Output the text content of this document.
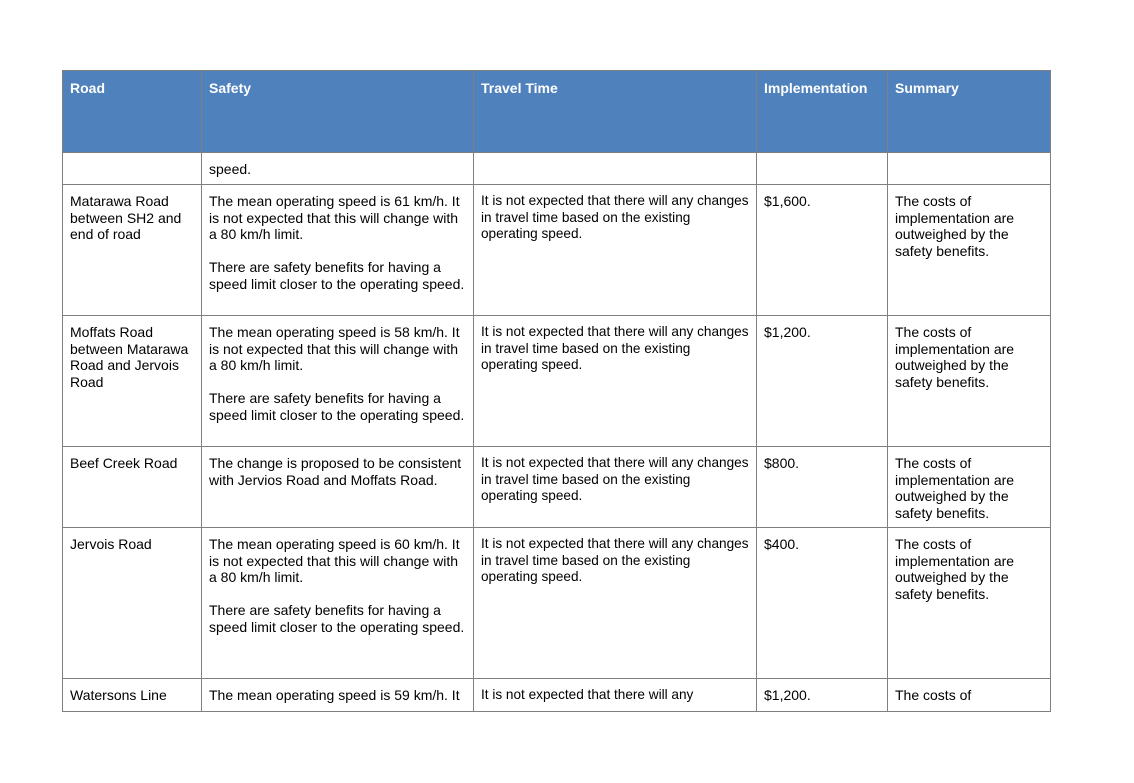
Road	Safety	Travel Time	Implementation	Summary

	speed.			

Matarawa Road between SH2 and end of road	The mean operating speed is 61 km/h. It is not expected that this will change with a 80 km/h limit.

There are safety benefits for having a speed limit closer to the operating speed.	It is not expected that there will any changes in travel time based on the existing operating speed.	$1,600.	The costs of implementation are outweighed by the safety benefits.
Moffats Road between Matarawa Road and Jervois Road	The mean operating speed is 58 km/h. It is not expected that this will change with a 80 km/h limit.

There are safety benefits for having a speed limit closer to the operating speed.	It is not expected that there will any changes in travel time based on the existing operating speed.	$1,200.	The costs of implementation are outweighed by the safety benefits.
Beef Creek Road	The change is proposed to be consistent with Jervios Road and Moffats Road.	It is not expected that there will any changes in travel time based on the existing operating speed.	$800.	The costs of implementation are outweighed by the safety benefits.
Jervois Road	The mean operating speed is 60 km/h. It is not expected that this will change with a 80 km/h limit.

There are safety benefits for having a speed limit closer to the operating speed.	It is not expected that there will any changes in travel time based on the existing operating speed.	$400.	The costs of implementation are outweighed by the safety benefits.
Watersons Line	The mean operating speed is 59 km/h. It	It is not expected that there will any	$1,200.	The costs of
